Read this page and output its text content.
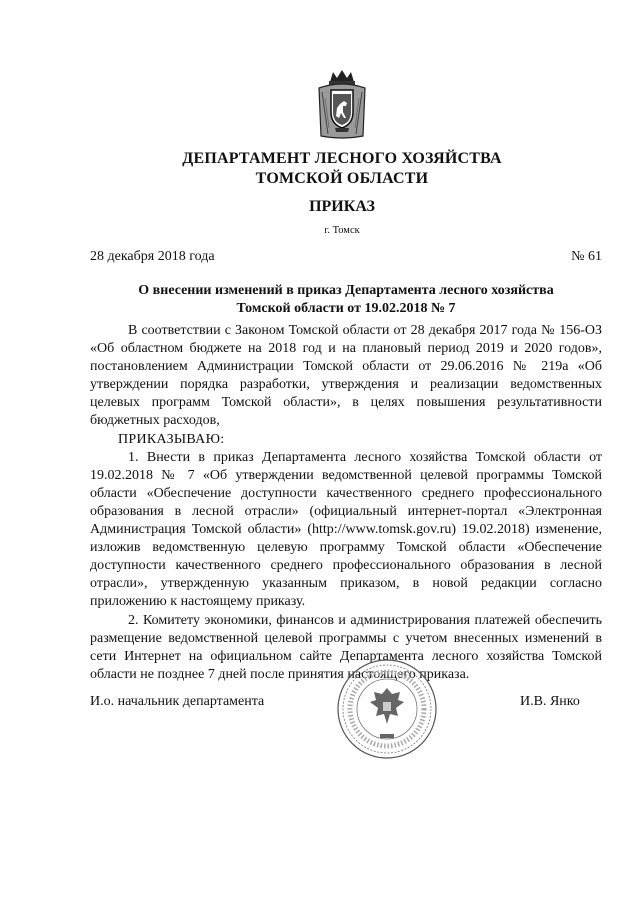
ДЕПАРТАМЕНТ ЛЕСНОГО ХОЗЯЙСТВА
ТОМСКОЙ ОБЛАСТИ
ПРИКАЗ
г. Томск
28 декабря 2018 года	№ 61
О внесении изменений в приказ Департамента лесного хозяйства
Томской области от 19.02.2018 № 7

В соответствии с Законом Томской области от 28 декабря 2017 года № 156-ОЗ «Об областном бюджете на 2018 год и на плановый период 2019 и 2020 годов», постановлением Администрации Томской области от 29.06.2016 № 219а «Об утверждении порядка разработки, утверждения и реализации ведомственных целевых программ Томской области», в целях повышения результативности бюджетных расходов,

ПРИКАЗЫВАЮ:

1. Внести в приказ Департамента лесного хозяйства Томской области от 19.02.2018 № 7 «Об утверждении ведомственной целевой программы Томской области «Обеспечение доступности качественного среднего профессионального образования в лесной отрасли» (официальный интернет-портал «Электронная Администрация Томской области» (http://www.tomsk.gov.ru) 19.02.2018) изменение, изложив ведомственную целевую программу Томской области «Обеспечение доступности качественного среднего профессионального образования в лесной отрасли», утвержденную указанным приказом, в новой редакции согласно приложению к настоящему приказу.

2. Комитету экономики, финансов и администрирования платежей обеспечить размещение ведомственной целевой программы с учетом внесенных изменений в сети Интернет на официальном сайте Департамента лесного хозяйства Томской области не позднее 7 дней после принятия настоящего приказа.

И.о. начальник департамента	И.В. Янко
